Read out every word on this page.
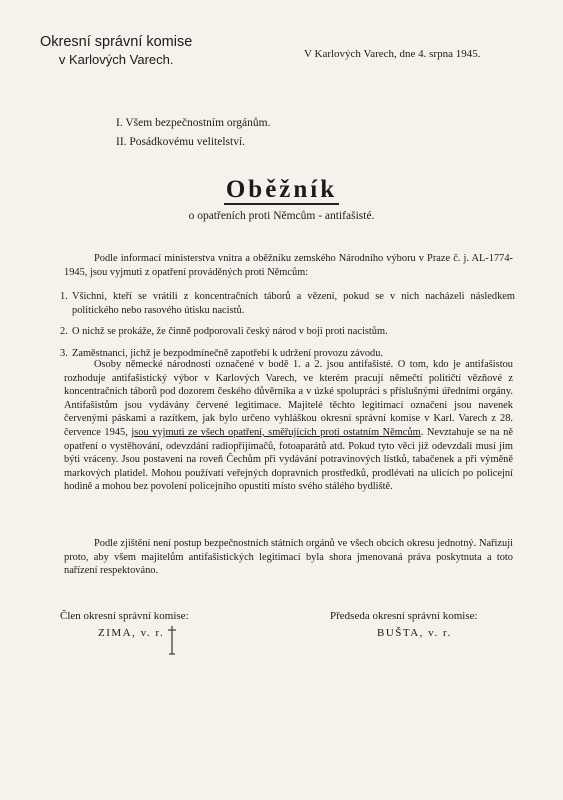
Okresní správní komise
v Karlových Varech.	V Karlových Varech, dne 4. srpna 1945.
I. Všem bezpečnostním orgánům.
II. Posádkovému velitelství.
Oběžník
o opatřeních proti Němcům - antifašisté.

Podle informací ministerstva vnitra a oběžníku zemského Národního výboru v Praze č. j. AL-1774-1945, jsou vyjmuti z opatření prováděných proti Němcům:

1. Všichni, kteří se vrátili z koncentračních táborů a vězení, pokud se v nich nacházeli následkem politického nebo rasového útisku nacistů.
2. O nichž se prokáže, že činně podporovali český národ v boji proti nacistům.
3. Zaměstnanci, jichž je bezpodmínečně zapotřebí k udržení provozu závodu.

Osoby německé národnosti označené v bodě 1. a 2. jsou antifašisté. O tom, kdo je antifašistou rozhoduje antifašistický výbor v Karlových Varech, ve kterém pracují němečtí političtí vězňové z koncentračních táborů pod dozorem českého důvěrníka a v úzké spolupráci s příslušnými úředními orgány. Antifašistům jsou vydávány červené legitimace. Majitelé těchto legitimací označeni jsou navenek červenými páskami a razítkem, jak bylo určeno vyhláškou okresní správní komise v Karl. Varech z 28. července 1945, jsou vyjmuti ze všech opatření, směřujících proti ostatním Němcům. Nevztahuje se na ně opatření o vystěhování, odevzdání radiopřijímačů, fotoaparátů atd. Pokud tyto věci již odevzdali musí jim býti vráceny. Jsou postaveni na roveň Čechům při vydávání potravinových lístků, tabačenek a při výměně markových platidel. Mohou používati veřejných dopravních prostředků, prodlévati na ulicích po policejní hodině a mohou bez povolení policejního opustiti místo svého stálého bydliště.

Podle zjištění není postup bezpečnostních státních orgánů ve všech obcích okresu jednotný. Nařizuji proto, aby všem majitelům antifašistických legitimací byla shora jmenovaná práva poskytnuta a toto nařízení respektováno.

Člen okresní správní komise:
ZIMA, v. r.
Předseda okresní správní komise:
BUŠTA, v. r.
